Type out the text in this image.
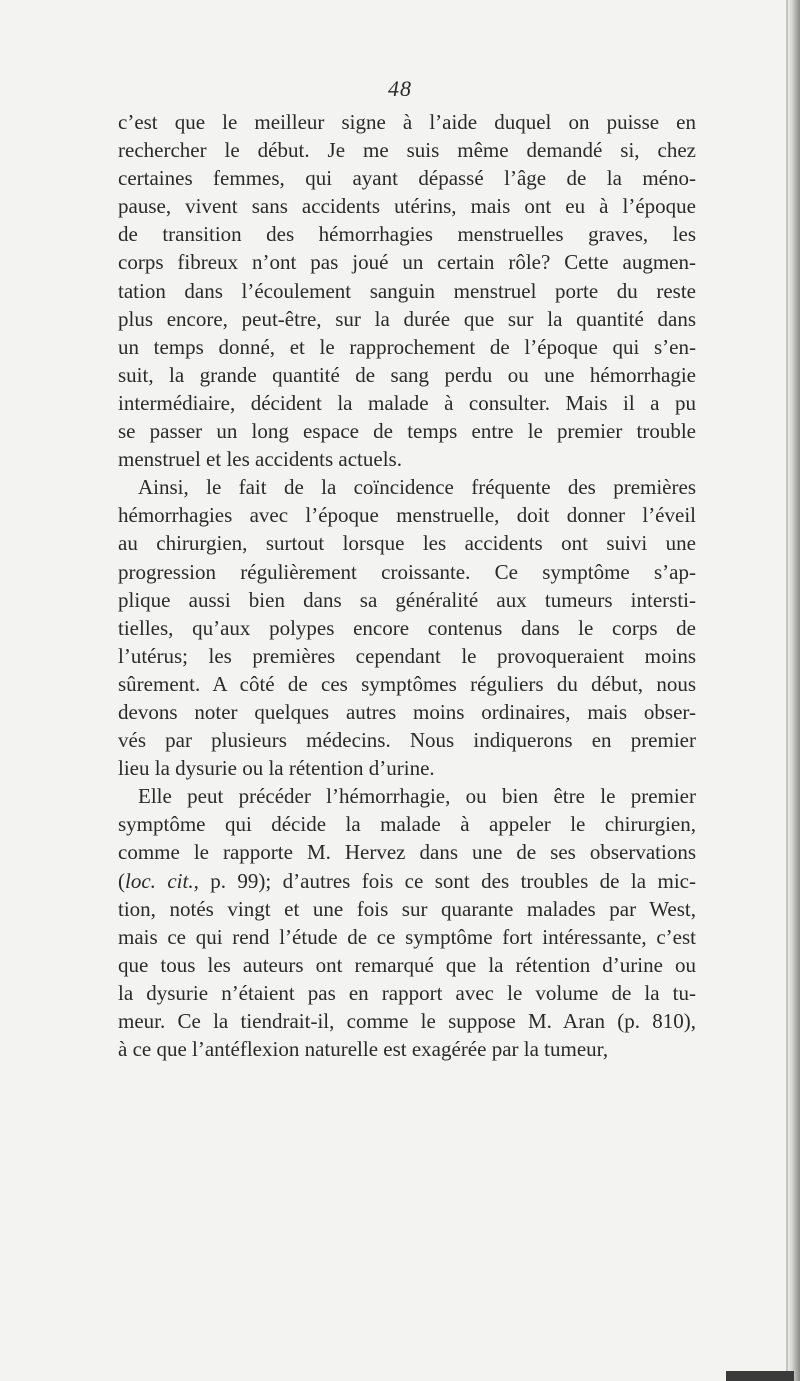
48
c’est que le meilleur signe à l’aide duquel on puisse en
rechercher le début. Je me suis même demandé si, chez
certaines femmes, qui ayant dépassé l’âge de la méno-
pause, vivent sans accidents utérins, mais ont eu à l’époque
de transition des hémorrhagies menstruelles graves, les
corps fibreux n’ont pas joué un certain rôle? Cette augmen-
tation dans l’écoulement sanguin menstruel porte du reste
plus encore, peut-être, sur la durée que sur la quantité dans
un temps donné, et le rapprochement de l’époque qui s’en-
suit, la grande quantité de sang perdu ou une hémorrhagie
intermédiaire, décident la malade à consulter. Mais il a pu
se passer un long espace de temps entre le premier trouble
menstruel et les accidents actuels.
Ainsi, le fait de la coïncidence fréquente des premières
hémorrhagies avec l’époque menstruelle, doit donner l’éveil
au chirurgien, surtout lorsque les accidents ont suivi une
progression régulièrement croissante. Ce symptôme s’ap-
plique aussi bien dans sa généralité aux tumeurs intersti-
tielles, qu’aux polypes encore contenus dans le corps de
l’utérus; les premières cependant le provoqueraient moins
sûrement. A côté de ces symptômes réguliers du début, nous
devons noter quelques autres moins ordinaires, mais obser-
vés par plusieurs médecins. Nous indiquerons en premier
lieu la dysurie ou la rétention d’urine.
Elle peut précéder l’hémorrhagie, ou bien être le premier
symptôme qui décide la malade à appeler le chirurgien,
comme le rapporte M. Hervez dans une de ses observations
(loc. cit., p. 99); d’autres fois ce sont des troubles de la mic-
tion, notés vingt et une fois sur quarante malades par West,
mais ce qui rend l’étude de ce symptôme fort intéressante, c’est
que tous les auteurs ont remarqué que la rétention d’urine ou
la dysurie n’étaient pas en rapport avec le volume de la tu-
meur. Ce la tiendrait-il, comme le suppose M. Aran (p. 810),
à ce que l’antéflexion naturelle est exagérée par la tumeur,
